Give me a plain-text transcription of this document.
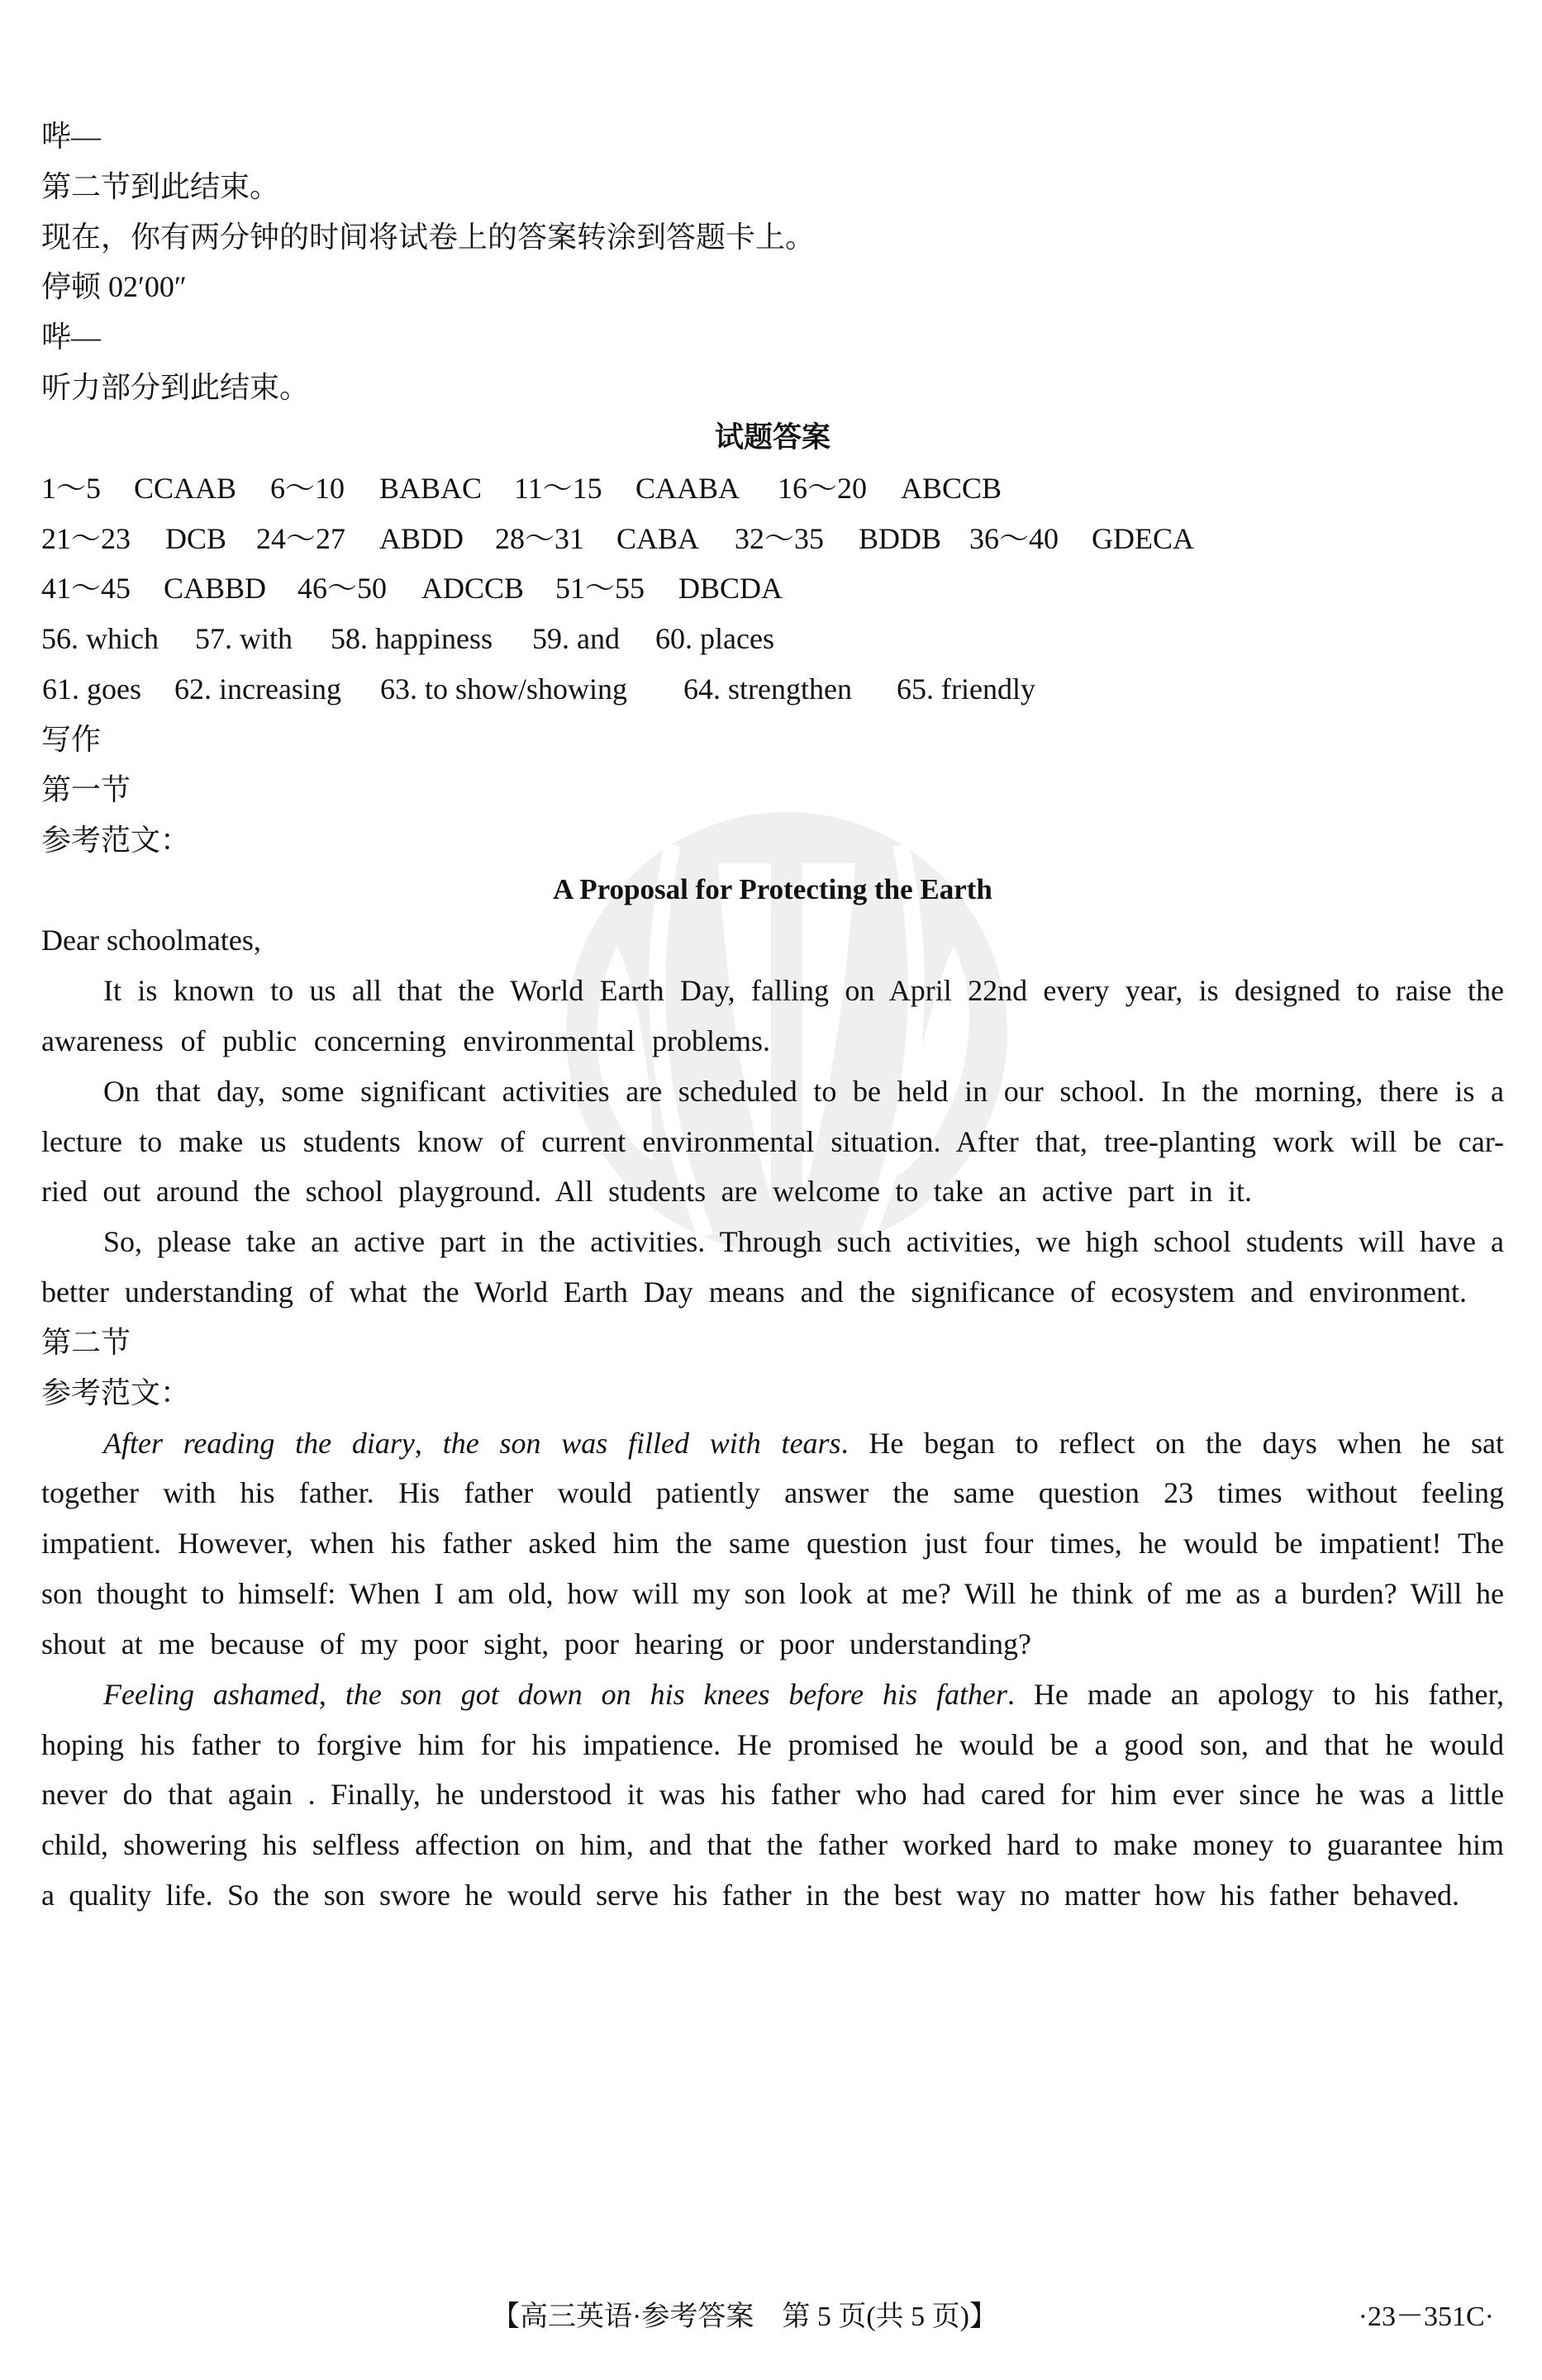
哔—
第二节到此结束。
现在，你有两分钟的时间将试卷上的答案转涂到答题卡上。
停顿 02′00″
哔—
听力部分到此结束。
试题答案
1～5 CCAAB 6～10 BABAC 11～15 CAABA 16～20 ABCCB
21～23 DCB 24～27 ABDD 28～31 CABA 32～35 BDDB 36～40 GDECA
41～45 CABBD 46～50 ADCCB 51～55 DBCDA
56. which 57. with 58. happiness 59. and 60. places
61. goes 62. increasing 63. to show/showing 64. strengthen 65. friendly
写作
第一节
参考范文：
A Proposal for Protecting the Earth
Dear schoolmates,
It is known to us all that the World Earth Day, falling on April 22nd every year, is designed to raise the
awareness of public concerning environmental problems.
On that day, some significant activities are scheduled to be held in our school. In the morning, there is a
lecture to make us students know of current environmental situation. After that, tree-planting work will be car-
ried out around the school playground. All students are welcome to take an active part in it.
So, please take an active part in the activities. Through such activities, we high school students will have a
better understanding of what the World Earth Day means and the significance of ecosystem and environment.
第二节
参考范文：
After reading the diary, the son was filled with tears. He began to reflect on the days when he sat
together with his father. His father would patiently answer the same question 23 times without feeling
impatient. However, when his father asked him the same question just four times, he would be impatient! The
son thought to himself: When I am old, how will my son look at me? Will he think of me as a burden? Will he
shout at me because of my poor sight, poor hearing or poor understanding?
Feeling ashamed, the son got down on his knees before his father. He made an apology to his father,
hoping his father to forgive him for his impatience. He promised he would be a good son, and that he would
never do that again . Finally, he understood it was his father who had cared for him ever since he was a little
child, showering his selfless affection on him, and that the father worked hard to make money to guarantee him
a quality life. So the son swore he would serve his father in the best way no matter how his father behaved.
【高三英语·参考答案　第 5 页(共 5 页)】	·23－351C·
